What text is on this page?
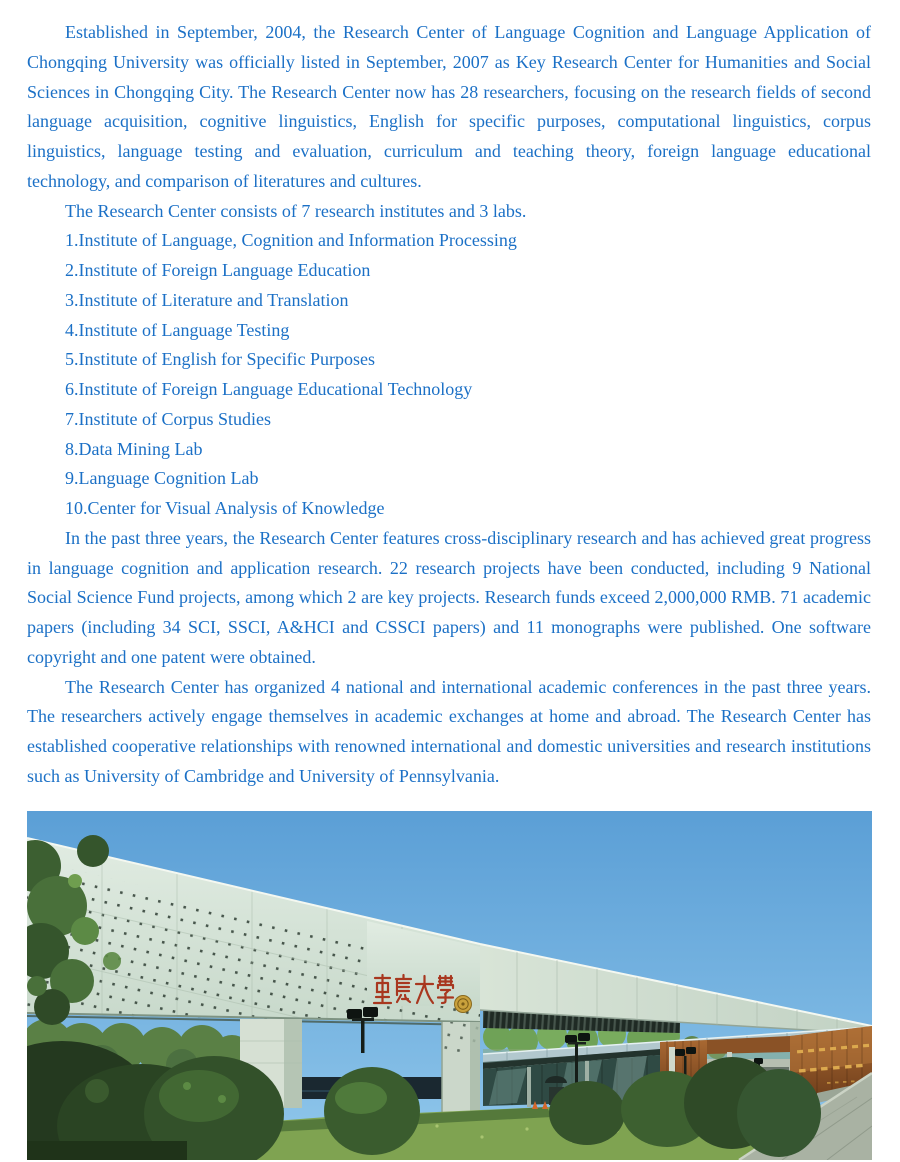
Established in September, 2004, the Research Center of Language Cognition and Language Application of Chongqing University was officially listed in September, 2007 as Key Research Center for Humanities and Social Sciences in Chongqing City. The Research Center now has 28 researchers, focusing on the research fields of second language acquisition, cognitive linguistics, English for specific purposes, computational linguistics, corpus linguistics, language testing and evaluation, curriculum and teaching theory, foreign language educational technology, and comparison of literatures and cultures.

The Research Center consists of 7 research institutes and 3 labs.

1.Institute of Language, Cognition and Information Processing

2.Institute of Foreign Language Education

3.Institute of Literature and Translation

4.Institute of Language Testing

5.Institute of English for Specific Purposes

6.Institute of Foreign Language Educational Technology

7.Institute of Corpus Studies

8.Data Mining Lab

9.Language Cognition Lab

10.Center for Visual Analysis of Knowledge

In the past three years, the Research Center features cross-disciplinary research and has achieved great progress in language cognition and application research. 22 research projects have been conducted, including 9 National Social Science Fund projects, among which 2 are key projects. Research funds exceed 2,000,000 RMB. 71 academic papers (including 34 SCI, SSCI, A&HCI and CSSCI papers) and 11 monographs were published. One software copyright and one patent were obtained.

The Research Center has organized 4 national and international academic conferences in the past three years. The researchers actively engage themselves in academic exchanges at home and abroad. The Research Center has established cooperative relationships with renowned international and domestic universities and research institutions such as University of Cambridge and University of Pennsylvania.
